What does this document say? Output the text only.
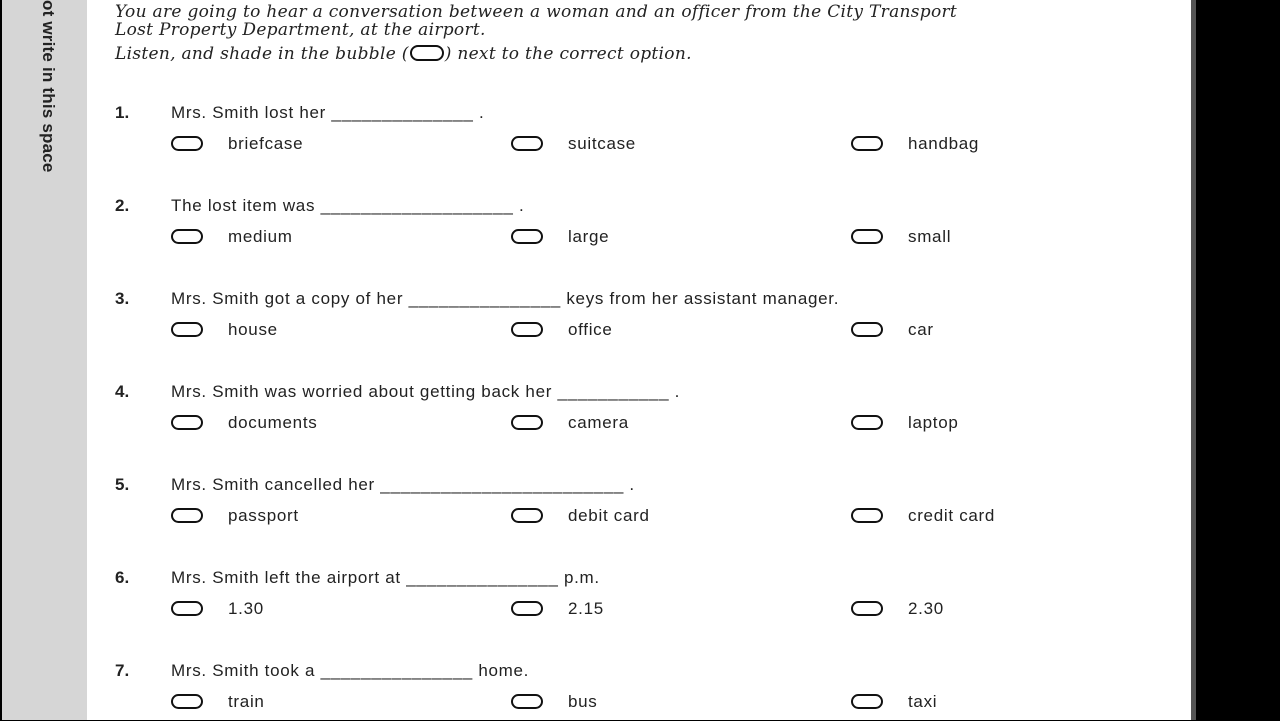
ot write in this space	You are going to hear a conversation between a woman and an officer from the City Transport

Lost Property Department, at the airport.

Listen, and shade in the bubble ( ) next to the correct option.

1. Mrs. Smith lost her ______________ .
briefcase	suitcase	handbag
2. The lost item was ___________________ .
medium	large	small
3. Mrs. Smith got a copy of her _______________ keys from her assistant manager.
house	office	car
4. Mrs. Smith was worried about getting back her ___________ .
documents	camera	laptop
5. Mrs. Smith cancelled her ________________________ .
passport	debit card	credit card
6. Mrs. Smith left the airport at _______________ p.m.
1.30	2.15	2.30
7. Mrs. Smith took a _______________ home.
train	bus	taxi
